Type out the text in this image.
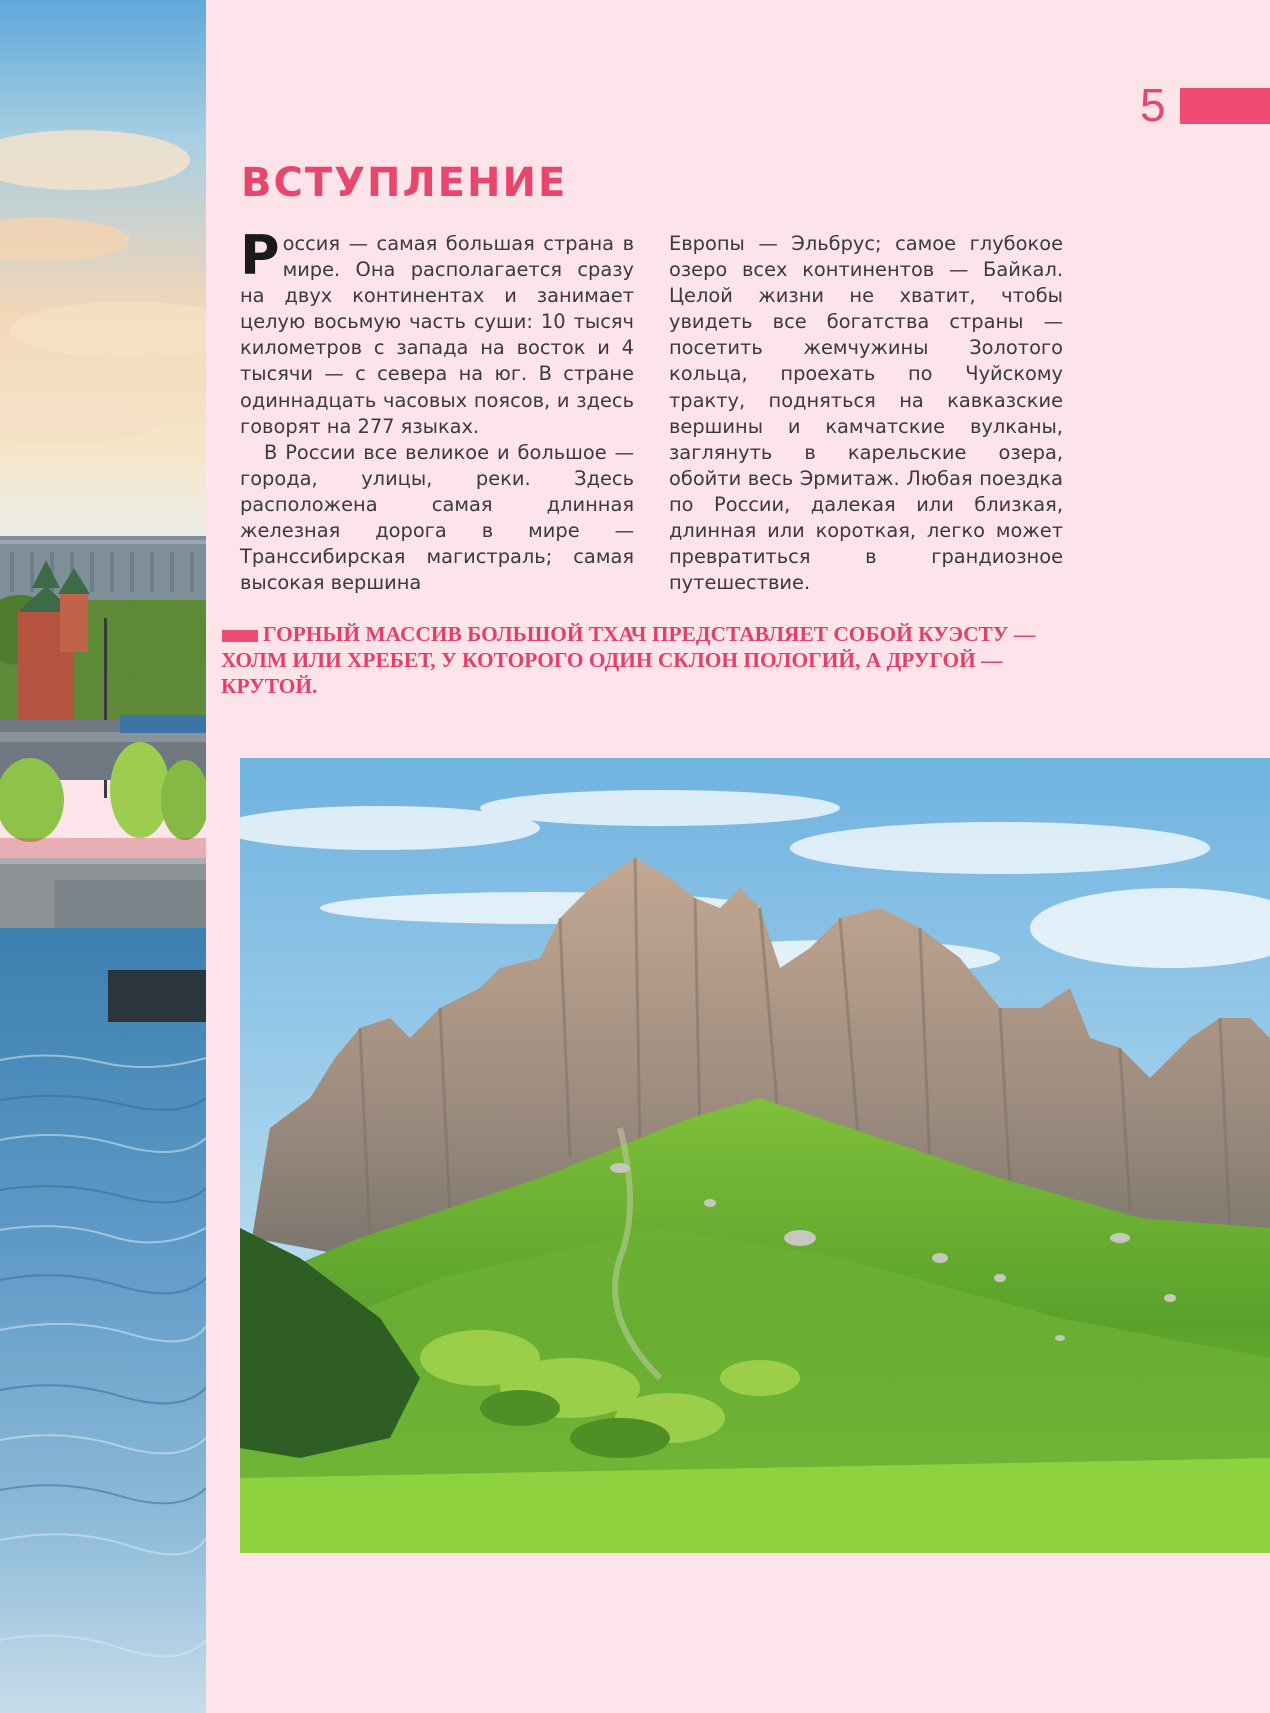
5
ВСТУПЛЕНИЕ

Россия — самая большая страна в мире. Она располагается сразу на двух континентах и занимает целую восьмую часть суши: 10 тысяч километров с запада на восток и 4 тысячи — с севера на юг. В стране одиннадцать часовых поясов, и здесь говорят на 277 языках.

В России все великое и большое — города, улицы, реки. Здесь расположена самая длинная железная дорога в мире — Транссибирская магистраль; самая высокая вершина

Европы — Эльбрус; самое глубокое озеро всех континентов — Байкал. Целой жизни не хватит, чтобы увидеть все богатства страны — посетить жемчужины Золотого кольца, проехать по Чуйскому тракту, подняться на кавказские вершины и камчатские вулканы, заглянуть в карельские озера, обойти весь Эрмитаж. Любая поездка по России, далекая или близкая, длинная или короткая, легко может превратиться в грандиозное путешествие.

ГОРНЫЙ МАССИВ БОЛЬШОЙ ТХАЧ ПРЕДСТАВЛЯЕТ СОБОЙ КУЭСТУ — ХОЛМ ИЛИ ХРЕБЕТ, У КОТОРОГО ОДИН СКЛОН ПОЛОГИЙ, А ДРУГОЙ — КРУТОЙ.
